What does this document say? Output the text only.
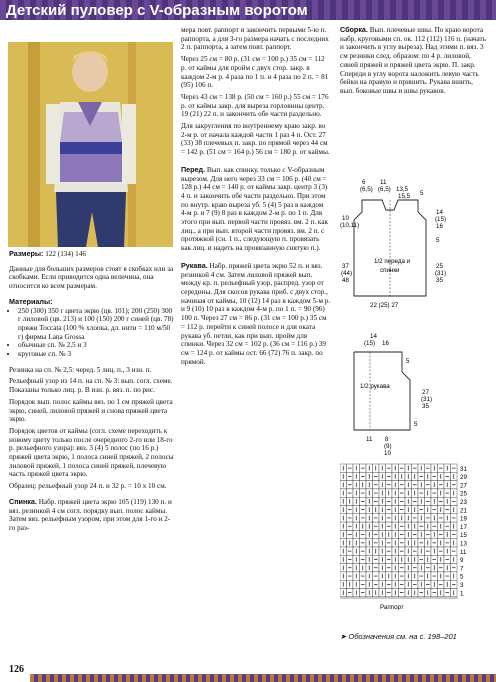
Детский пуловер с V-образным воротом

Размеры: 122 (134) 146

Данные для больших размеров стоят в скобках или за скобками. Если приводится одна величина, она относится ко всем размерам.

Материалы:

• 250 (300) 350 г цвета экрю (цв. 101); 200 (250) 300 г лиловой (цв. 213) и 100 (150) 200 г синей (цв. 78) пряжи Toccata (100 % хлопка, дл. нити = 110 м/50 г) фирмы Lana Grossa
• обычные сп. № 2,5 и 3
• круговые сп. № 3

Резинка на сп. № 2,5: черед. 5 лиц. п., 3 изн. п.

Рельефный узор из 14 п. на сп. № 3: вып. согл. схеме. Показаны только лиц. р. В изн. р. вяз. п. по рис.

Порядок вып. полос каймы вяз. по 1 см пряжей цвета экрю, синей, лиловой пряжей и снова пряжей цвета экрю.

Порядок цветов от каймы (согл. схеме переходить к новому цвету только после очередного 2-го или 18-го р. рельефного узора): вяз. 3 (4) 5 полос (по 16 р.) пряжей цвета экрю, 1 полоса синей пряжей, 2 полосы лиловой пряжей, 1 полоса синей пряжей, плечевую часть пряжей цвета экрю.

Образец: рельефный узор 24 п. и 32 р. = 10 х 10 см.

Спинка. Набр. пряжей цвета экрю 105 (119) 130 п. и вяз. резинкой 4 см согл. порядку вып. полос каймы. Затем вяз. рельефным узором, при этом для 1-го и 2-го раз-

мера повт. раппорт и закончить первыми 5-ю п. раппорта, а для 3-го размера начать с последних 2 п. раппорта, а затем повт. раппорт.

Через 25 см = 80 р. (31 см = 100 р.) 35 см = 112 р. от каймы для пройм с двух стор. закр. в каждом 2-м р. 4 раза по 1 п. и 4 раза по 2 п. = 81 (95) 106 п.

Через 43 см = 138 р. (50 см = 160 р.) 55 см = 176 р. от каймы закр. для вырезa горловины центр. 19 (21) 22 п. и закончить обе части раздельно.

Для закругления по внутреннему краю закр. во 2-м р. от начала каждой части 1 раз 4 п. Ост. 27 (33) 38 плечевых п. закр. по прямой через 44 см = 142 р. (51 см = 164 р.) 56 см = 180 р. от каймы.

Перед. Вып. как спинку, только с V-образным вырезом. Для него через 33 см = 106 р. (40 см = 128 р.) 44 см = 140 р. от каймы закр. центр 3 (3) 4 п. и закончить обе части раздельно. При этом по внутр. краю вырезa уб. 5 (4) 5 раз в каждом 4-м р. и 7 (9) 8 раз в каждом 2-м р. по 1 п. Для этого при вып. первой части провяз. вм. 2 п. как лиц., а при вып. второй части провяз. вм. 2 п. с протяжкой (сн. 1 п., следующую п. провязать как лиц. и надеть на провязанную снятую п.).

Рукава. Набр. пряжей цвета экрю 52 п. и вяз. резинкой 4 см. Затем лиловой пряжей вып. между кр. п. рельефный узор, распред. узор от середины. Для скосов рукава приб. с двух стор., начиная от каймы, 10 (12) 14 раз в каждом 5-м р. и 9 (10) 10 раз в каждом 4-м р. по 1 п. = 90 (96) 100 п. Через 27 см = 86 р. (31 см = 100 р.) 35 см = 112 р. перейти к синей полосе и для оката рукава уб. петли, как при вып. пройм для спинки. Через 32 см = 102 р. (36 см = 116 р.) 39 см = 124 р. от каймы ост. 66 (72) 76 п. закр. по прямой.

Сборка. Вып. плечевые швы. По краю ворота набр. круговыми сп. ок. 112 (112) 116 п. (начать и закончить в углу выреза). Над этими п. вяз. 3 см резинки след. образом: по 4 р. лиловой, синей пряжей и пряжей цвета экрю. П. закр. Спереди в углу ворота наложить левую часть бейки на правую и пришить. Рукава вшить, вып. боковые швы и швы рукавов.

6 11
(6,5) (6,5) 13,5
15,5 5
10
(10,11)
37
(44)
48
14
(15)
16
25
(31)
35
5
1/2 переда и
спинки
22 (25) 27
14
(15) 16
5
27
(31)
35
5
1/2 рукава
11 8
(9)
10
31
29
27
25
23
21
19
17
15
13
11
9
7
5
3
1
Раппорт
➤ Обозначения см. на с. 198–201
126
